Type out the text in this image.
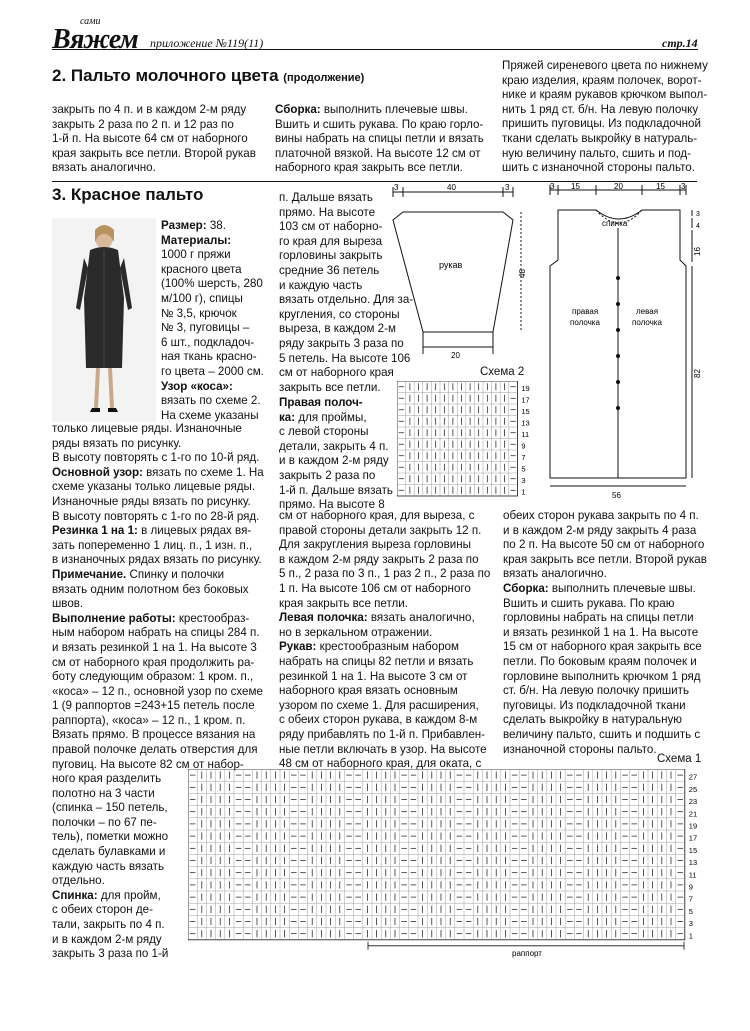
сами
Вяжем приложение №119(11)	стр.14
2. Пальто молочного цвета (продолжение)
закрыть по 4 п. и в каждом 2-м ряду
закрыть 2 раза по 2 п. и 12 раз по
1-й п. На высоте 64 см от наборного
края закрыть все петли. Второй рукав
вязать аналогично.
Сборка: выполнить плечевые швы.
Вшить и сшить рукава. По краю горло-
вины набрать на спицы петли и вязать
платочной вязкой. На высоте 12 см от
наборного края закрыть все петли.
Пряжей сиреневого цвета по нижнему
краю изделия, краям полочек, ворот-
нике и краям рукавов крючком выпол-
нить 1 ряд ст. б/н. На левую полочку
пришить пуговицы. Из подкладочной
ткани сделать выкройку в натураль-
ную величину пальто, сшить и под-
шить с изнаночной стороны пальто.
3. Красное пальто
Размер: 38.
Материалы:
1000 г пряжи
красного цвета
(100% шерсть, 280
м/100 г), спицы
№ 3,5, крючок
№ 3, пуговицы –
6 шт., подкладоч-
ная ткань красно-
го цвета – 2000 см.
Узор «коса»:
вязать по схеме 2.
На схеме указаны
только лицевые ряды. Изнаночные
ряды вязать по рисунку.
В высоту повторять с 1-го по 10-й ряд.
Основной узор: вязать по схеме 1. На
схеме указаны только лицевые ряды.
Изнаночные ряды вязать по рисунку.
В высоту повторять с 1-го по 28-й ряд.
Резинка 1 на 1: в лицевых рядах вя-
зать попеременно 1 лиц. п., 1 изн. п.,
в изнаночных рядах вязать по рисунку.
Примечание. Спинку и полочки
вязать одним полотном без боковых
швов.
Выполнение работы: крестообраз-
ным набором набрать на спицы 284 п.
и вязать резинкой 1 на 1. На высоте 3
см от наборного края продолжить ра-
боту следующим образом: 1 кром. п.,
«коса» – 12 п., основной узор по схеме
1 (9 раппортов =243+15 петель после
раппорта), «коса» – 12 п., 1 кром. п.
Вязать прямо. В процессе вязания на
правой полочке делать отверстия для
пуговиц. На высоте 82 см от набор-
ного края разделить
полотно на 3 части
(спинка – 150 петель,
полочки – по 67 пе-
тель), пометки можно
сделать булавками и
каждую часть вязать
отдельно.
Спинка: для пройм,
с обеих сторон де-
тали, закрыть по 4 п.
и в каждом 2-м ряду
закрыть 3 раза по 1-й
п. Дальше вязать
прямо. На высоте
103 см от наборно-
го края для выреза
горловины закрыть
средние 36 петель
и каждую часть
вязать отдельно. Для за-
кругления, со стороны
выреза, в каждом 2-м
ряду закрыть 3 раза по
5 петель. На высоте 106
см от наборного края
закрыть все петли.
Правая полоч-
ка: для проймы,
с левой стороны
детали, закрыть 4 п.
и в каждом 2-м ряду
закрыть 2 раза по
1-й п. Дальше вязать
прямо. На высоте 8
см от наборного края, для выреза, с
правой стороны детали закрыть 12 п.
Для закругления выреза горловины
в каждом 2-м ряду закрыть 2 раза по
5 п., 2 раза по 3 п., 1 раз 2 п., 2 раза по
1 п. На высоте 106 см от наборного
края закрыть все петли.
Левая полочка: вязать аналогично,
но в зеркальном отражении.
Рукав: крестообразным набором
набрать на спицы 82 петли и вязать
резинкой 1 на 1. На высоте 3 см от
наборного края вязать основным
узором по схеме 1. Для расширения,
с обеих сторон рукава, в каждом 8-м
ряду прибавлять по 1-й п. Прибавлен-
ные петли включать в узор. На высоте
48 см от наборного края, для оката, с
обеих сторон рукава закрыть по 4 п.
и в каждом 2-м ряду закрыть 4 раза
по 2 п. На высоте 50 см от наборного
края закрыть все петли. Второй рукав
вязать аналогично.
Сборка: выполнить плечевые швы.
Вшить и сшить рукава. По краю
горловины набрать на спицы петли
и вязать резинкой 1 на 1. На высоте
15 см от наборного края закрыть все
петли. По боковым краям полочек и
горловине выполнить крючком 1 ряд
ст. б/н. На левую полочку пришить
пуговицы. Из подкладочной ткани
сделать выкройку в натуральную
величину пальто, сшить и подшить с
изнаночной стороны пальто.
3	40	3
рукав
48
20
3 15	20	15 3
3
4
16
82
спинка
правая
полочка
левая
полочка
56
Схема 2
19
17
15
13
11
9
7
5
3
1
Схема 1
27
25
23
21
19
17
15
13
11
9
7
5
3
1
раппорт
